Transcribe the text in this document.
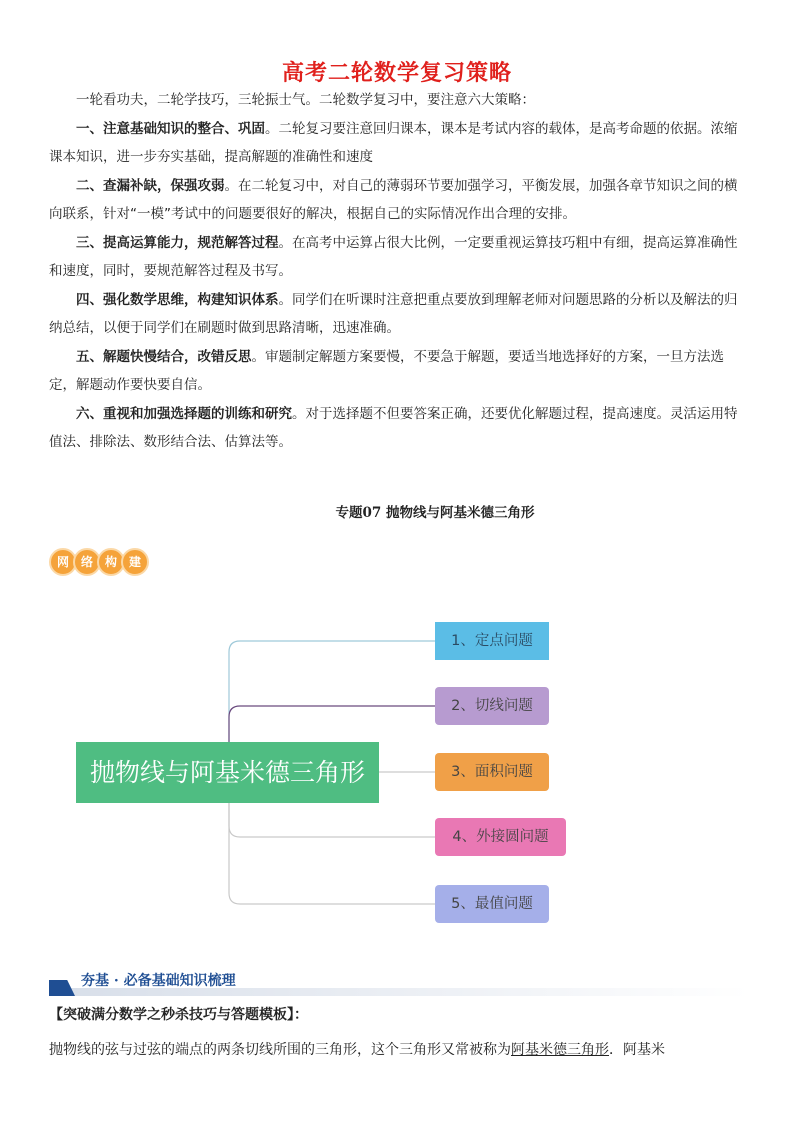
高考二轮数学复习策略

一轮看功夫，二轮学技巧，三轮振士气。二轮数学复习中，要注意六大策略：

一、注意基础知识的整合、巩固。二轮复习要注意回归课本，课本是考试内容的载体，是高考命题的依据。浓缩课本知识，进一步夯实基础，提高解题的准确性和速度

二、查漏补缺，保强攻弱。在二轮复习中，对自己的薄弱环节要加强学习，平衡发展，加强各章节知识之间的横向联系，针对“一模”考试中的问题要很好的解决，根据自己的实际情况作出合理的安排。

三、提高运算能力，规范解答过程。在高考中运算占很大比例，一定要重视运算技巧粗中有细，提高运算准确性和速度，同时，要规范解答过程及书写。

四、强化数学思维，构建知识体系。同学们在听课时注意把重点要放到理解老师对问题思路的分析以及解法的归纳总结，以便于同学们在刷题时做到思路清晰，迅速准确。

五、解题快慢结合，改错反思。审题制定解题方案要慢，不要急于解题，要适当地选择好的方案，一旦方法选定，解题动作要快要自信。

六、重视和加强选择题的训练和研究。对于选择题不但要答案正确，还要优化解题过程，提高速度。灵活运用特值法、排除法、数形结合法、估算法等。

专题07 抛物线与阿基米德三角形
网 络 构 建
抛物线与阿基米德三角形
1、定点问题
2、切线问题
3、面积问题
4、外接圆问题
5、最值问题
夯基 · 必备基础知识梳理
【突破满分数学之秒杀技巧与答题模板】：
抛物线的弦与过弦的端点的两条切线所围的三角形，这个三角形又常被称为阿基米德三角形．阿基米
